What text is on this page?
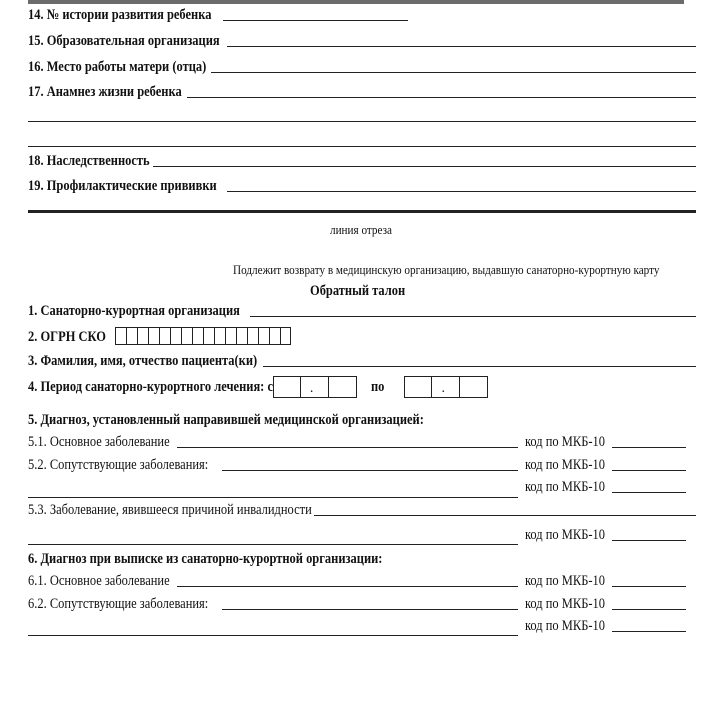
14. № истории развития ребенка
15. Образовательная организация
16. Место работы матери (отца)
17. Анамнез жизни ребенка
18. Наследственность
19. Профилактические прививки
линия отреза
Подлежит возврату в медицинскую организацию, выдавшую санаторно-курортную карту
Обратный талон
1. Санаторно-курортная организация
2. ОГРН СКО
3. Фамилия, имя, отчество пациента(ки)
4. Период санаторно-курортного лечения: с	.	по	.
5. Диагноз, установленный направившей медицинской организацией:
5.1. Основное заболевание	код по МКБ-10
5.2. Сопутствующие заболевания:	код по МКБ-10
код по МКБ-10
5.3. Заболевание, явившееся причиной инвалидности
код по МКБ-10
6. Диагноз при выписке из санаторно-курортной организации:
6.1. Основное заболевание	код по МКБ-10
6.2. Сопутствующие заболевания:	код по МКБ-10
код по МКБ-10
